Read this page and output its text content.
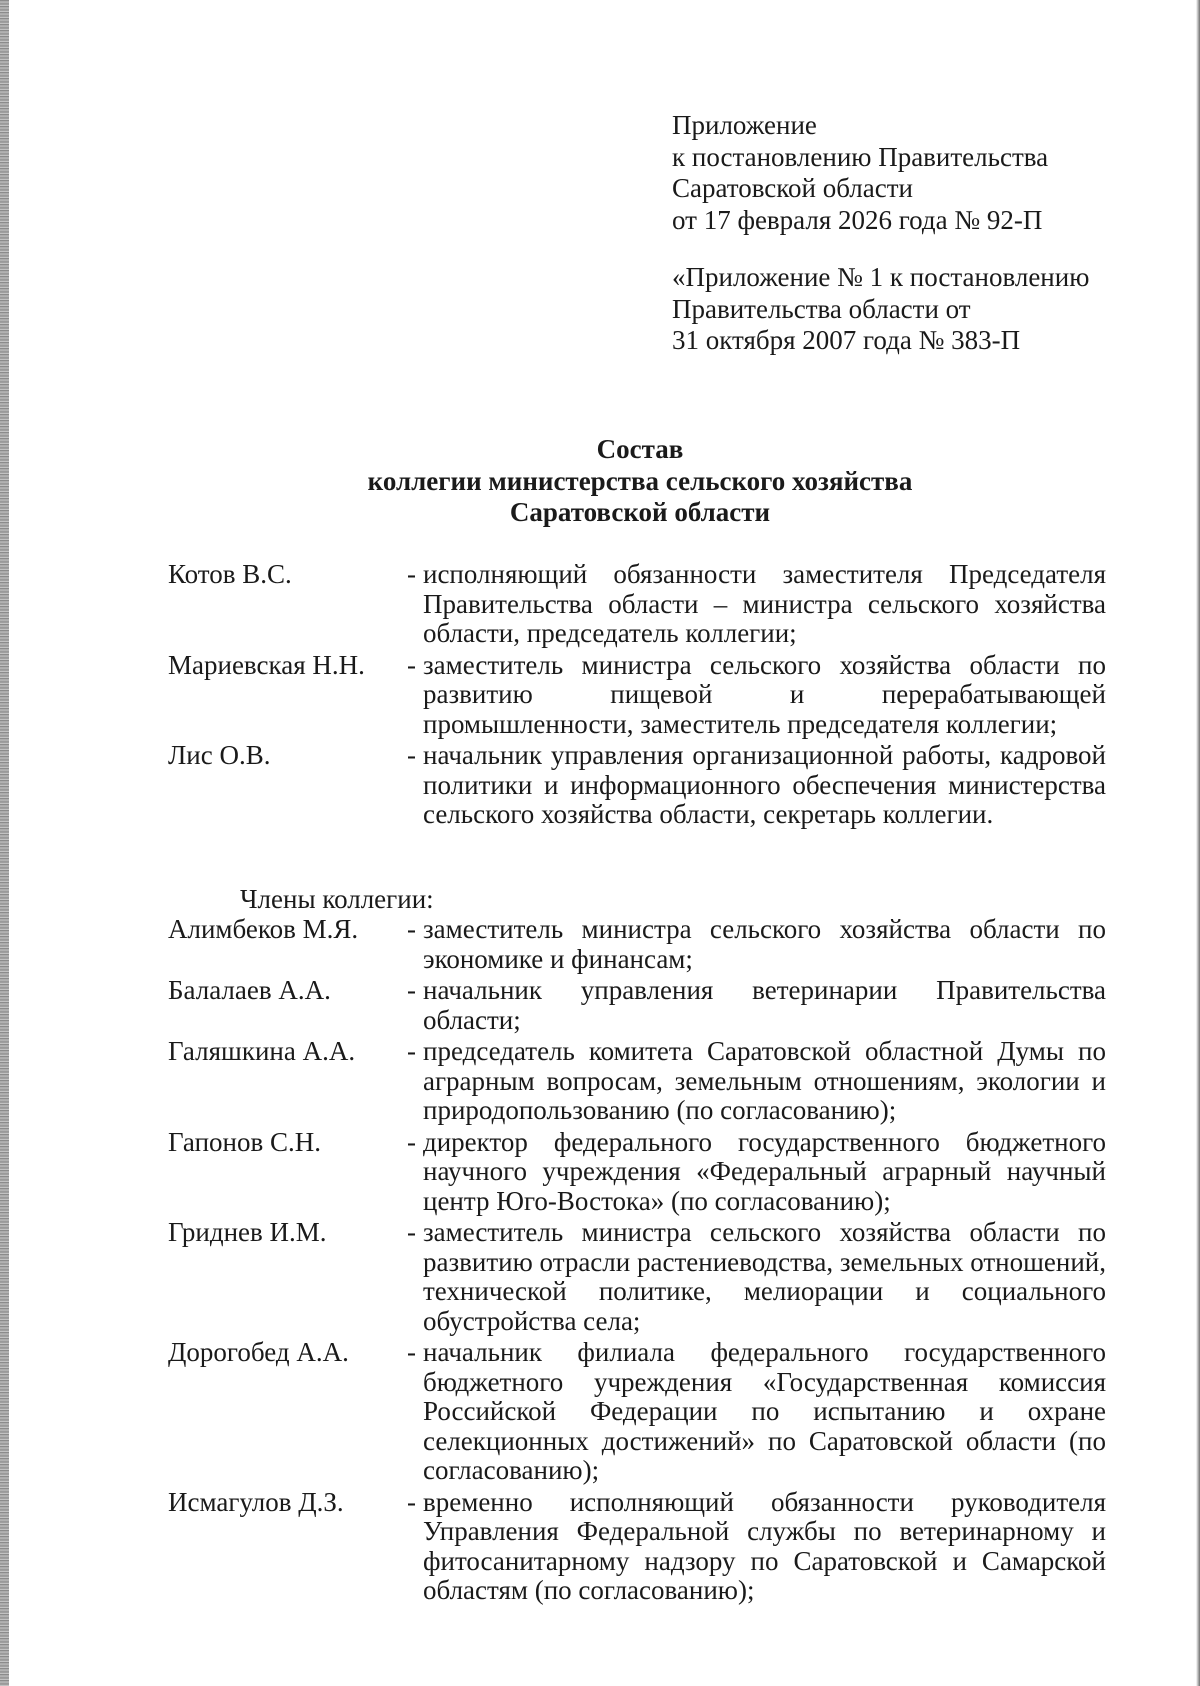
Приложение
к постановлению Правительства
Саратовской области
от 17 февраля 2026 года № 92-П
«Приложение № 1 к постановлению
Правительства области от
31 октября 2007 года № 383-П
Состав
коллегии министерства сельского хозяйства
Саратовской области
Котов В.С.	- исполняющий обязанности заместителя Председателя Правительства области – министра сельского хозяйства области, председатель коллегии;
Мариевская Н.Н.	- заместитель министра сельского хозяйства области по развитию пищевой и перерабатывающей промышленности, заместитель председателя коллегии;
Лис О.В.	- начальник управления организационной работы, кадровой политики и информационного обеспечения министерства сельского хозяйства области, секретарь коллегии.
Члены коллегии:
Алимбеков М.Я.	- заместитель министра сельского хозяйства области по экономике и финансам;
Балалаев А.А.	- начальник управления ветеринарии Правительства области;
Галяшкина А.А.	- председатель комитета Саратовской областной Думы по аграрным вопросам, земельным отношениям, экологии и природопользованию (по согласованию);
Гапонов С.Н.	- директор федерального государственного бюджетного научного учреждения «Федеральный аграрный научный центр Юго-Востока» (по согласованию);
Гриднев И.М.	- заместитель министра сельского хозяйства области по развитию отрасли растениеводства, земельных отношений, технической политике, мелиорации и социального обустройства села;
Дорогобед А.А.	- начальник филиала федерального государственного бюджетного учреждения «Государственная комиссия Российской Федерации по испытанию и охране селекционных достижений» по Саратовской области (по согласованию);
Исмагулов Д.З.	- временно исполняющий обязанности руководителя Управления Федеральной службы по ветеринарному и фитосанитарному надзору по Саратовской и Самарской областям (по согласованию);
